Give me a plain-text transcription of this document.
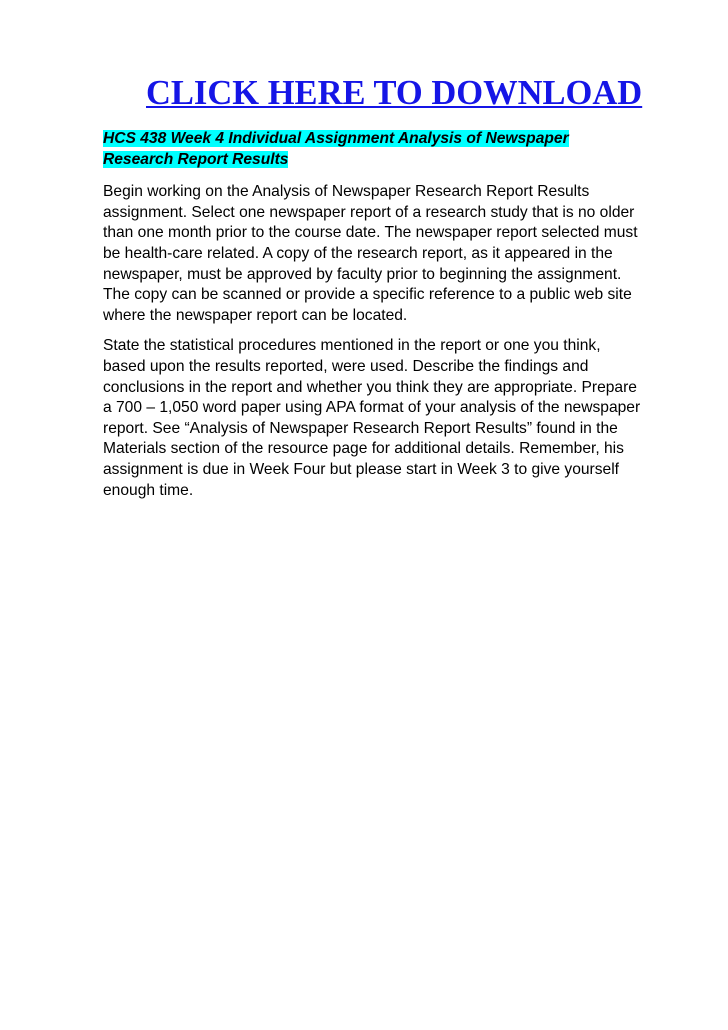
CLICK HERE TO DOWNLOAD
HCS 438 Week 4 Individual Assignment Analysis of Newspaper
Research Report Results

Begin working on the Analysis of Newspaper Research Report Results
assignment. Select one newspaper report of a research study that is no older
than one month prior to the course date. The newspaper report selected must
be health-care related. A copy of the research report, as it appeared in the
newspaper, must be approved by faculty prior to beginning the assignment.
The copy can be scanned or provide a specific reference to a public web site
where the newspaper report can be located.

State the statistical procedures mentioned in the report or one you think,
based upon the results reported, were used. Describe the findings and
conclusions in the report and whether you think they are appropriate. Prepare
a 700 – 1,050 word paper using APA format of your analysis of the newspaper
report. See “Analysis of Newspaper Research Report Results” found in the
Materials section of the resource page for additional details. Remember, his
assignment is due in Week Four but please start in Week 3 to give yourself
enough time.
